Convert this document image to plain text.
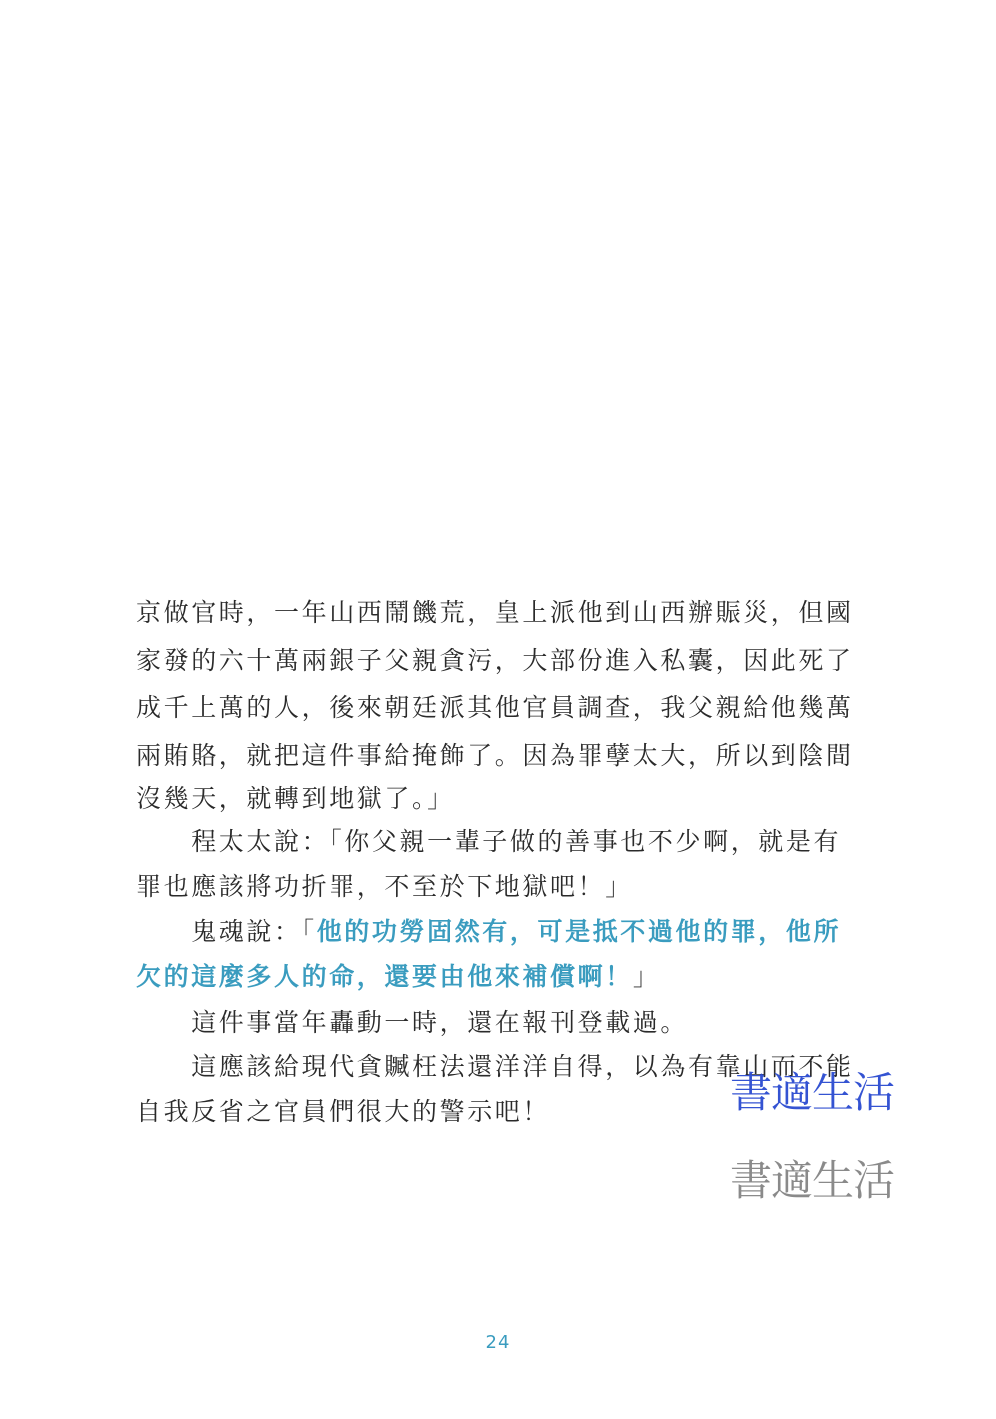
京做官時，一年山西鬧饑荒，皇上派他到山西辦賑災，但國
家發的六十萬兩銀子父親貪污，大部份進入私囊，因此死了
成千上萬的人，後來朝廷派其他官員調查，我父親給他幾萬
兩賄賂，就把這件事給掩飾了。因為罪孽太大，所以到陰間
沒幾天，就轉到地獄了。」
　　程太太說：「你父親一輩子做的善事也不少啊，就是有
罪也應該將功折罪，不至於下地獄吧！」
　　鬼魂說：「他的功勞固然有，可是抵不過他的罪，他所
欠的這麼多人的命，還要由他來補償啊！」
　　這件事當年轟動一時，還在報刊登載過。
　　這應該給現代貪贓枉法還洋洋自得，以為有靠山而不能
自我反省之官員們很大的警示吧！	書適生活
書適生活
24
